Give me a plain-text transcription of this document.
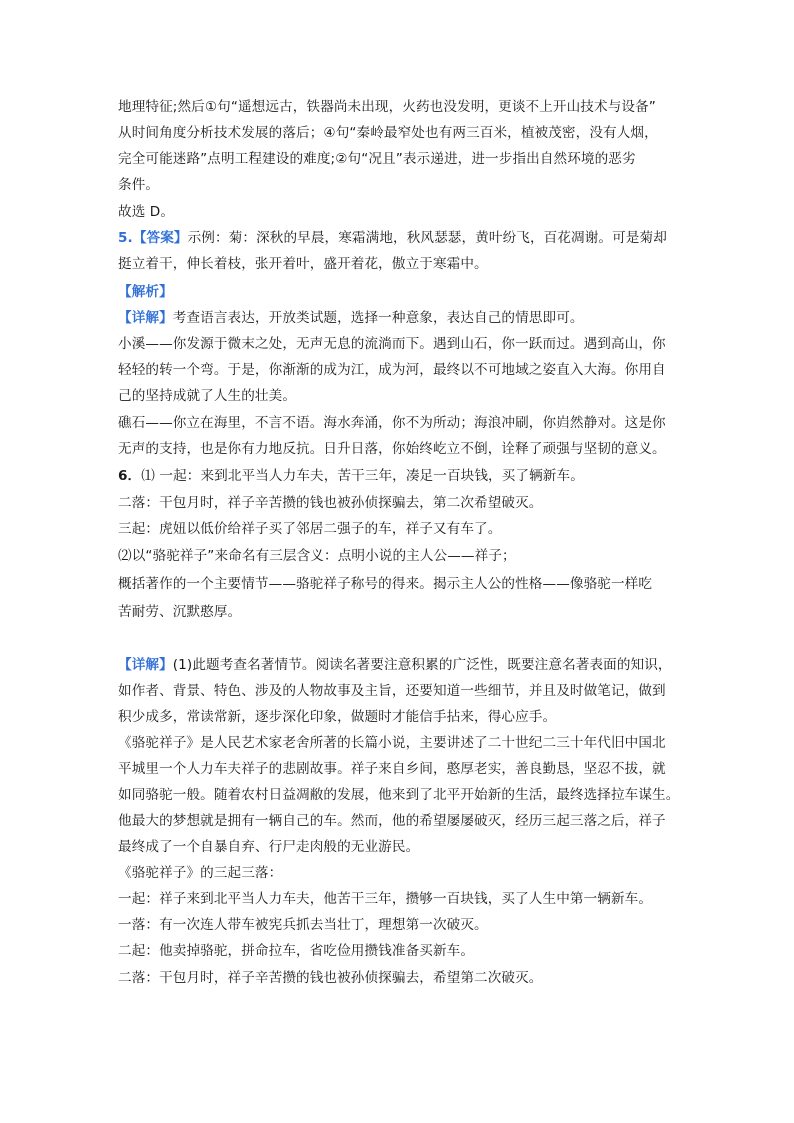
地理特征;然后①句“遥想远古，铁器尚未出现，火药也没发明，更谈不上开山技术与设备”
从时间角度分析技术发展的落后；④句“秦岭最窄处也有两三百米，植被茂密，没有人烟，
完全可能迷路”点明工程建设的难度;②句“况且”表示递进，进一步指出自然环境的恶劣
条件。
故选 D。
5.【答案】示例：菊：深秋的早晨，寒霜满地，秋风瑟瑟，黄叶纷飞，百花凋谢。可是菊却
挺立着干，伸长着枝，张开着叶，盛开着花，傲立于寒霜中。
【解析】
【详解】考查语言表达，开放类试题，选择一种意象，表达自己的情思即可。
小溪——你发源于微末之处，无声无息的流淌而下。遇到山石，你一跃而过。遇到高山，你
轻轻的转一个弯。于是，你渐渐的成为江，成为河，最终以不可地域之姿直入大海。你用自
己的坚持成就了人生的壮美。
礁石——你立在海里，不言不语。海水奔涌，你不为所动；海浪冲刷，你岿然静对。这是你
无声的支持，也是你有力地反抗。日升日落，你始终屹立不倒，诠释了顽强与坚韧的意义。
6．⑴ 一起：来到北平当人力车夫，苦干三年，凑足一百块钱，买了辆新车。
二落：干包月时，祥子辛苦攒的钱也被孙侦探骗去，第二次希望破灭。
三起：虎妞以低价给祥子买了邻居二强子的车，祥子又有车了。
⑵以“骆驼祥子”来命名有三层含义：点明小说的主人公——祥子；
概括著作的一个主要情节——骆驼祥子称号的得来。揭示主人公的性格——像骆驼一样吃
苦耐劳、沉默憨厚。
【详解】(1)此题考查名著情节。阅读名著要注意积累的广泛性，既要注意名著表面的知识，
如作者、背景、特色、涉及的人物故事及主旨，还要知道一些细节，并且及时做笔记，做到
积少成多，常读常新，逐步深化印象，做题时才能信手拈来，得心应手。
《骆驼祥子》是人民艺术家老舍所著的长篇小说，主要讲述了二十世纪二三十年代旧中国北
平城里一个人力车夫祥子的悲剧故事。祥子来自乡间，憨厚老实，善良勤恳，坚忍不拔，就
如同骆驼一般。随着农村日益凋敝的发展，他来到了北平开始新的生活，最终选择拉车谋生。
他最大的梦想就是拥有一辆自己的车。然而，他的希望屡屡破灭，经历三起三落之后，祥子
最终成了一个自暴自弃、行尸走肉般的无业游民。
《骆驼祥子》的三起三落：
一起：祥子来到北平当人力车夫，他苦干三年，攒够一百块钱，买了人生中第一辆新车。
一落：有一次连人带车被宪兵抓去当壮丁，理想第一次破灭。
二起：他卖掉骆驼，拼命拉车，省吃俭用攒钱准备买新车。
二落：干包月时，祥子辛苦攒的钱也被孙侦探骗去，希望第二次破灭。
